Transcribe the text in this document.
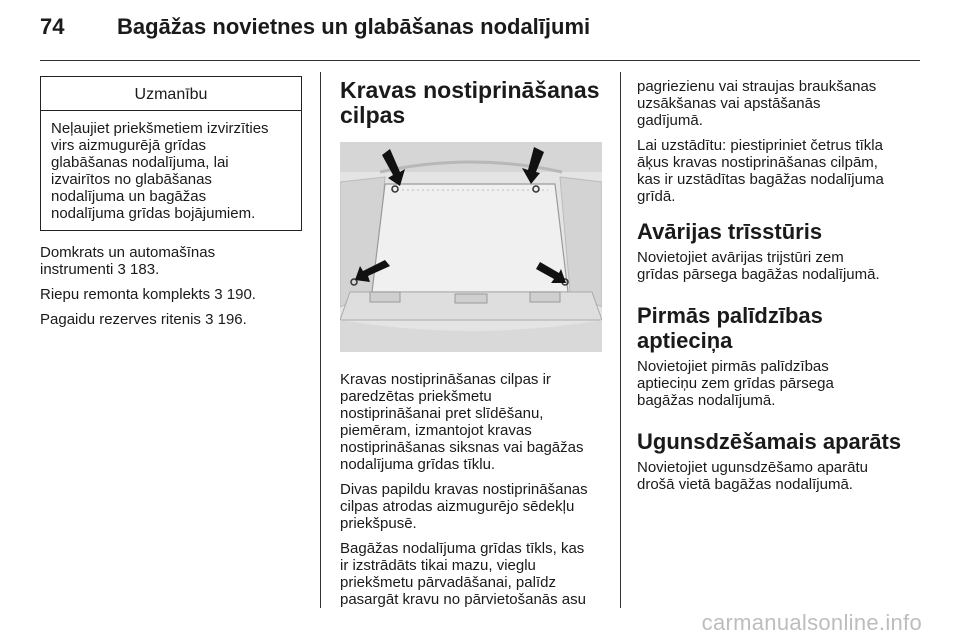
74 Bagāžas novietnes un glabāšanas nodalījumi
Uzmanību
Neļaujiet priekšmetiem izvirzīties
virs aizmugurējā grīdas
glabāšanas nodalījuma, lai
izvairītos no glabāšanas
nodalījuma un bagāžas
nodalījuma grīdas bojājumiem.

Domkrats un automašīnas
instrumenti 3 183.

Riepu remonta komplekts 3 190.

Pagaidu rezerves ritenis 3 196.

Kravas nostiprināšanas
cilpas

Kravas nostiprināšanas cilpas ir
paredzētas priekšmetu
nostiprināšanai pret slīdēšanu,
piemēram, izmantojot kravas
nostiprināšanas siksnas vai bagāžas
nodalījuma grīdas tīklu.

Divas papildu kravas nostiprināšanas
cilpas atrodas aizmugurējo sēdekļu
priekšpusē.

Bagāžas nodalījuma grīdas tīkls, kas
ir izstrādāts tikai mazu, vieglu
priekšmetu pārvadāšanai, palīdz
pasargāt kravu no pārvietošanās asu

pagriezienu vai straujas braukšanas
uzsākšanas vai apstāšanās
gadījumā.

Lai uzstādītu: piestipriniet četrus tīkla
āķus kravas nostiprināšanas cilpām,
kas ir uzstādītas bagāžas nodalījuma
grīdā.

Avārijas trīsstūris

Novietojiet avārijas trijstūri zem
grīdas pārsega bagāžas nodalījumā.

Pirmās palīdzības
aptieciņa

Novietojiet pirmās palīdzības
aptieciņu zem grīdas pārsega
bagāžas nodalījumā.

Ugunsdzēšamais aparāts

Novietojiet ugunsdzēšamo aparātu
drošā vietā bagāžas nodalījumā.

carmanualsonline.info
